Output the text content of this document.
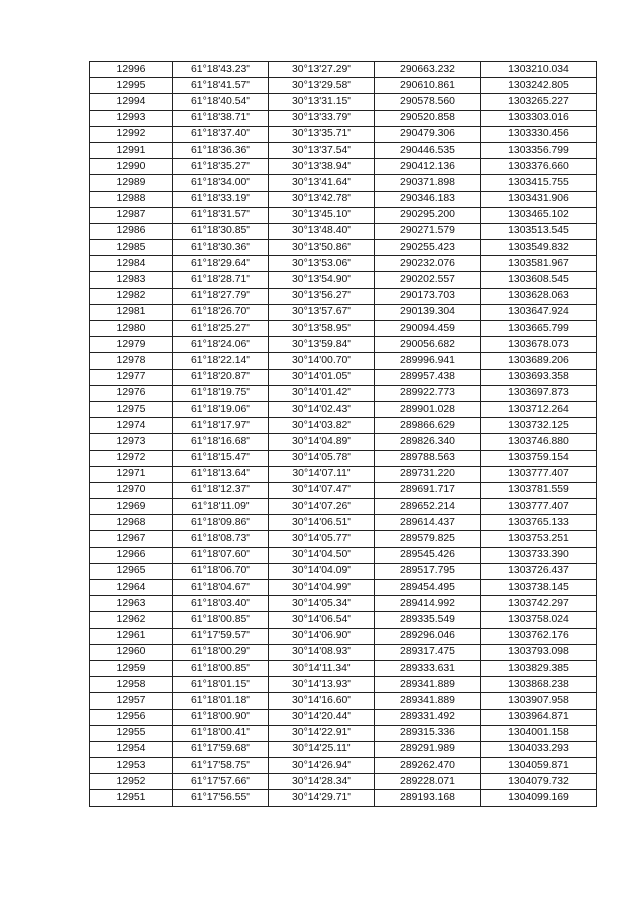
12996	61°18'43.23"	30°13'27.29"	290663.232	1303210.034
12995	61°18'41.57"	30°13'29.58"	290610.861	1303242.805
12994	61°18'40.54"	30°13'31.15"	290578.560	1303265.227
12993	61°18'38.71"	30°13'33.79"	290520.858	1303303.016
12992	61°18'37.40"	30°13'35.71"	290479.306	1303330.456
12991	61°18'36.36"	30°13'37.54"	290446.535	1303356.799
12990	61°18'35.27"	30°13'38.94"	290412.136	1303376.660
12989	61°18'34.00"	30°13'41.64"	290371.898	1303415.755
12988	61°18'33.19"	30°13'42.78"	290346.183	1303431.906
12987	61°18'31.57"	30°13'45.10"	290295.200	1303465.102
12986	61°18'30.85"	30°13'48.40"	290271.579	1303513.545
12985	61°18'30.36"	30°13'50.86"	290255.423	1303549.832
12984	61°18'29.64"	30°13'53.06"	290232.076	1303581.967
12983	61°18'28.71"	30°13'54.90"	290202.557	1303608.545
12982	61°18'27.79"	30°13'56.27"	290173.703	1303628.063
12981	61°18'26.70"	30°13'57.67"	290139.304	1303647.924
12980	61°18'25.27"	30°13'58.95"	290094.459	1303665.799
12979	61°18'24.06"	30°13'59.84"	290056.682	1303678.073
12978	61°18'22.14"	30°14'00.70"	289996.941	1303689.206
12977	61°18'20.87"	30°14'01.05"	289957.438	1303693.358
12976	61°18'19.75"	30°14'01.42"	289922.773	1303697.873
12975	61°18'19.06"	30°14'02.43"	289901.028	1303712.264
12974	61°18'17.97"	30°14'03.82"	289866.629	1303732.125
12973	61°18'16.68"	30°14'04.89"	289826.340	1303746.880
12972	61°18'15.47"	30°14'05.78"	289788.563	1303759.154
12971	61°18'13.64"	30°14'07.11"	289731.220	1303777.407
12970	61°18'12.37"	30°14'07.47"	289691.717	1303781.559
12969	61°18'11.09"	30°14'07.26"	289652.214	1303777.407
12968	61°18'09.86"	30°14'06.51"	289614.437	1303765.133
12967	61°18'08.73"	30°14'05.77"	289579.825	1303753.251
12966	61°18'07.60"	30°14'04.50"	289545.426	1303733.390
12965	61°18'06.70"	30°14'04.09"	289517.795	1303726.437
12964	61°18'04.67"	30°14'04.99"	289454.495	1303738.145
12963	61°18'03.40"	30°14'05.34"	289414.992	1303742.297
12962	61°18'00.85"	30°14'06.54"	289335.549	1303758.024
12961	61°17'59.57"	30°14'06.90"	289296.046	1303762.176
12960	61°18'00.29"	30°14'08.93"	289317.475	1303793.098
12959	61°18'00.85"	30°14'11.34"	289333.631	1303829.385
12958	61°18'01.15"	30°14'13.93"	289341.889	1303868.238
12957	61°18'01.18"	30°14'16.60"	289341.889	1303907.958
12956	61°18'00.90"	30°14'20.44"	289331.492	1303964.871
12955	61°18'00.41"	30°14'22.91"	289315.336	1304001.158
12954	61°17'59.68"	30°14'25.11"	289291.989	1304033.293
12953	61°17'58.75"	30°14'26.94"	289262.470	1304059.871
12952	61°17'57.66"	30°14'28.34"	289228.071	1304079.732
12951	61°17'56.55"	30°14'29.71"	289193.168	1304099.169
